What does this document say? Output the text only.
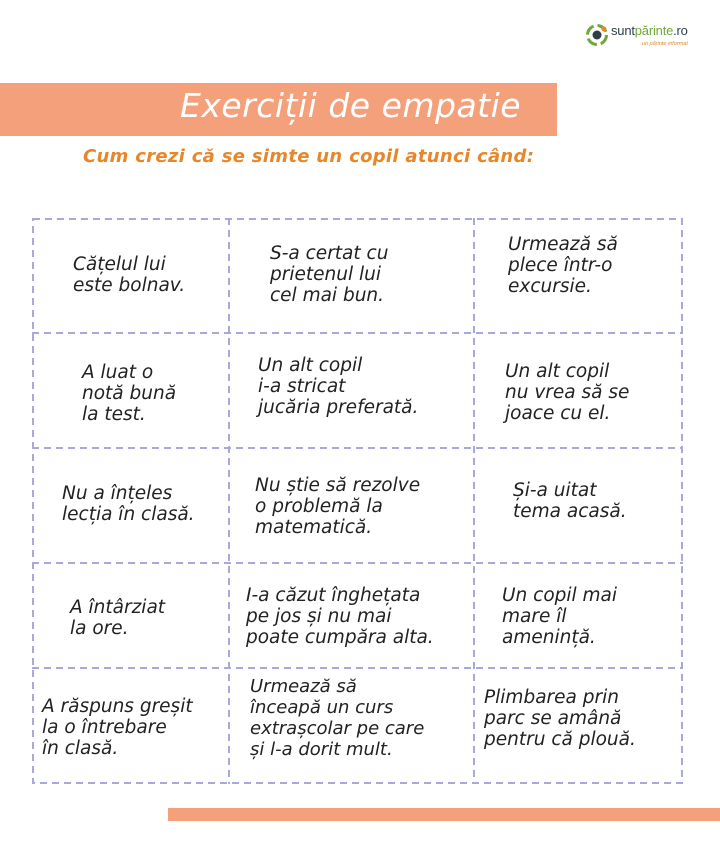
suntpărinte.ro
un părinte informat
Exerciții de empatie
Cum crezi că se simte un copil atunci când:
Cățelul lui
este bolnav.
S-a certat cu
prietenul lui
cel mai bun.
Urmează să
plece într-o
excursie.
A luat o
notă bună
la test.
Un alt copil
i-a stricat
jucăria preferată.
Un alt copil
nu vrea să se
joace cu el.
Nu a înțeles
lecția în clasă.
Nu știe să rezolve
o problemă la
matematică.
Și-a uitat
tema acasă.
A întârziat
la ore.
I-a căzut înghețata
pe jos și nu mai
poate cumpăra alta.
Un copil mai
mare îl
amenință.
A răspuns greșit
la o întrebare
în clasă.
Urmează să
înceapă un curs
extrașcolar pe care
și l-a dorit mult.
Plimbarea prin
parc se amână
pentru că plouă.
